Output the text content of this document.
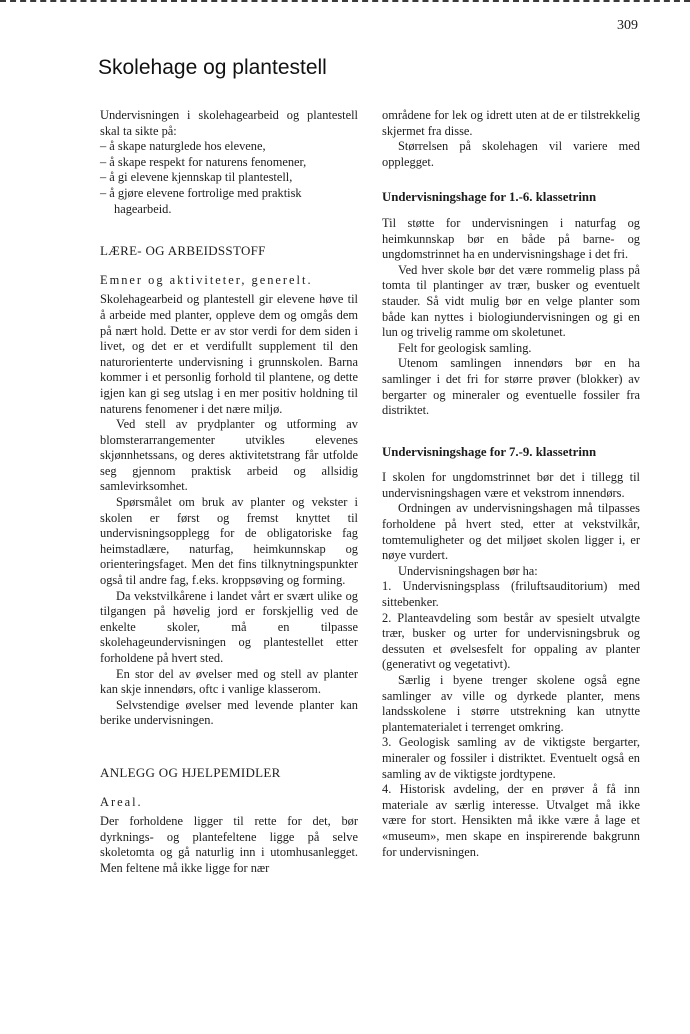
309
Skolehage og plantestell

Undervisningen i skolehagearbeid og plantestell skal ta sikte på:

– å skape naturglede hos elevene,
– å skape respekt for naturens fenomener,
– å gi elevene kjennskap til plantestell,
– å gjøre elevene fortrolige med praktisk hagearbeid.
LÆRE- OG ARBEIDSSTOFF
Emner og aktiviteter, generelt.

Skolehagearbeid og plantestell gir elevene høve til å arbeide med planter, oppleve dem og omgås dem på nært hold. Dette er av stor verdi for dem siden i livet, og det er et verdifullt supplement til den naturorienterte undervisning i grunnskolen. Barna kommer i et personlig forhold til plantene, og dette igjen kan gi seg utslag i en mer positiv holdning til naturens fenomener i det nære miljø.

Ved stell av prydplanter og utforming av blomsterarrangementer utvikles elevenes skjønnhetssans, og deres aktivitetstrang får utfolde seg gjennom praktisk arbeid og allsidig samlevirksomhet.

Spørsmålet om bruk av planter og vekster i skolen er først og fremst knyttet til undervisningsopplegg for de obligatoriske fag heimstadlære, naturfag, heimkunnskap og orienteringsfaget. Men det fins tilknytningspunkter også til andre fag, f.eks. kroppsøving og forming.

Da vekstvilkårene i landet vårt er svært ulike og tilgangen på høvelig jord er forskjellig ved de enkelte skoler, må en tilpasse skolehageundervisningen og plantestellet etter forholdene på hvert sted.

En stor del av øvelser med og stell av planter kan skje innendørs, oftc i vanlige klasserom.

Selvstendige øvelser med levende planter kan berike undervisningen.

ANLEGG OG HJELPEMIDLER
Areal.

Der forholdene ligger til rette for det, bør dyrknings- og plantefeltene ligge på selve skoletomta og gå naturlig inn i utomhusanlegget. Men feltene må ikke ligge for nær

områdene for lek og idrett uten at de er tilstrekkelig skjermet fra disse.

Størrelsen på skolehagen vil variere med opplegget.

Undervisningshage for 1.-6. klassetrinn

Til støtte for undervisningen i naturfag og heimkunnskap bør en både på barne- og ungdomstrinnet ha en undervisningshage i det fri.

Ved hver skole bør det være rommelig plass på tomta til plantinger av trær, busker og eventuelt stauder. Så vidt mulig bør en velge planter som både kan nyttes i biologiundervisningen og gi en lun og trivelig ramme om skoletunet.

Felt for geologisk samling.

Utenom samlingen innendørs bør en ha samlinger i det fri for større prøver (blokker) av bergarter og mineraler og eventuelle fossiler fra distriktet.

Undervisningshage for 7.-9. klassetrinn

I skolen for ungdomstrinnet bør det i tillegg til undervisningshagen være et vekstrom innendørs.

Ordningen av undervisningshagen må tilpasses forholdene på hvert sted, etter at vekstvilkår, tomtemuligheter og det miljøet skolen ligger i, er nøye vurdert.

Undervisningshagen bør ha:

1. Undervisningsplass (friluftsauditorium) med sittebenker.

2. Planteavdeling som består av spesielt utvalgte trær, busker og urter for undervisningsbruk og dessuten et øvelsesfelt for oppaling av planter (generativt og vegetativt).

Særlig i byene trenger skolene også egne samlinger av ville og dyrkede planter, mens landsskolene i større utstrekning kan utnytte plantematerialet i terrenget omkring.

3. Geologisk samling av de viktigste bergarter, mineraler og fossiler i distriktet. Eventuelt også en samling av de viktigste jordtypene.

4. Historisk avdeling, der en prøver å få inn materiale av særlig interesse. Utvalget må ikke være for stort. Hensikten må ikke være å lage et «museum», men skape en inspirerende bakgrunn for undervisningen.
